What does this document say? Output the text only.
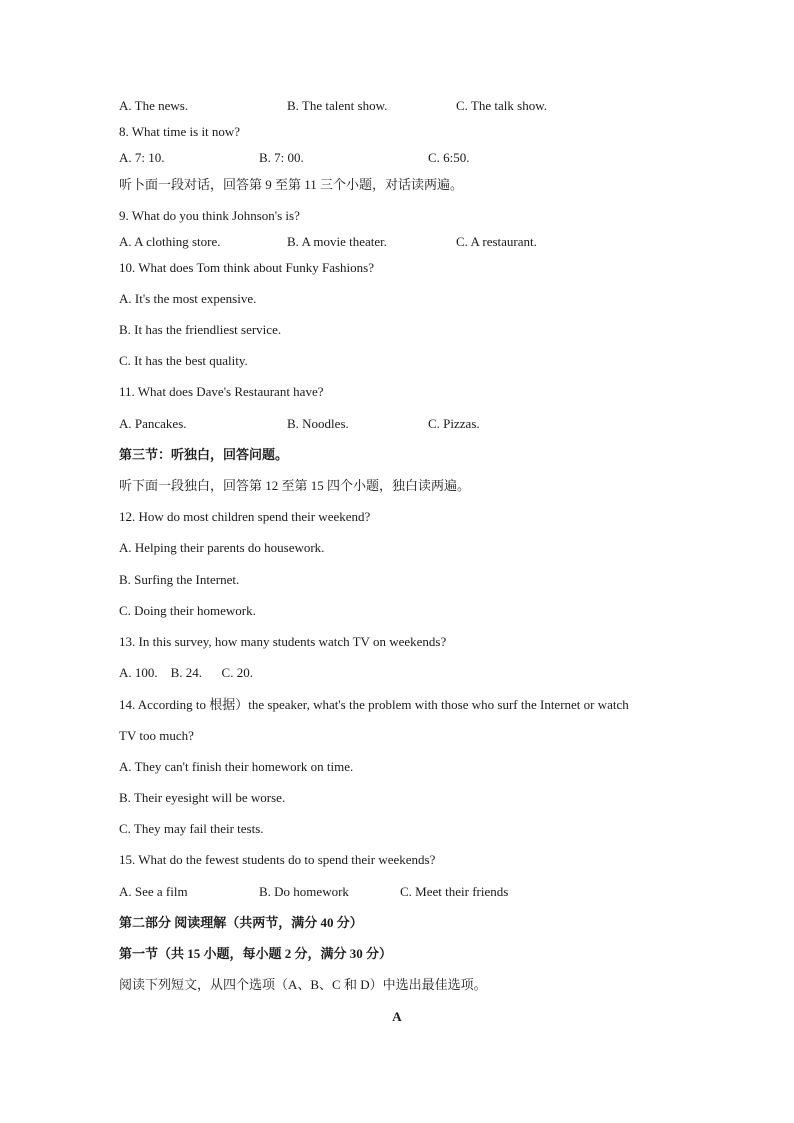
A. The news.	B. The talent show.	C. The talk show.
8. What time is it now?
A. 7: 10.	B. 7: 00.	C. 6:50.
听卜面一段对话，回答第 9 至第 11 三个小题，对话读两遍。
9. What do you think Johnson's is?
A. A clothing store.	B. A movie theater.	C. A restaurant.
10. What does Tom think about Funky Fashions?
A. It's the most expensive.
B. It has the friendliest service.
C. It has the best quality.
11. What does Dave's Restaurant have?
A. Pancakes.	B. Noodles.	C. Pizzas.
第三节：听独白，回答问题。
听下面一段独白，回答第 12 至第 15 四个小题，独白读两遍。
12. How do most children spend their weekend?
A. Helping their parents do housework.
B. Surfing the Internet.
C. Doing their homework.
13. In this survey, how many students watch TV on weekends?
A. 100.    B. 24.      C. 20.
14. According to 根据）the speaker, what's the problem with those who surf the Internet or watch
TV too much?
A. They can't finish their homework on time.
B. Their eyesight will be worse.
C. They may fail their tests.
15. What do the fewest students do to spend their weekends?
A. See a film	B. Do homework	C. Meet their friends
第二部分 阅读理解（共两节，满分 40 分）
第一节（共 15 小题，每小题 2 分，满分 30 分）
阅读下列短文，从四个选项（A、B、C 和 D）中选出最佳选项。
A
